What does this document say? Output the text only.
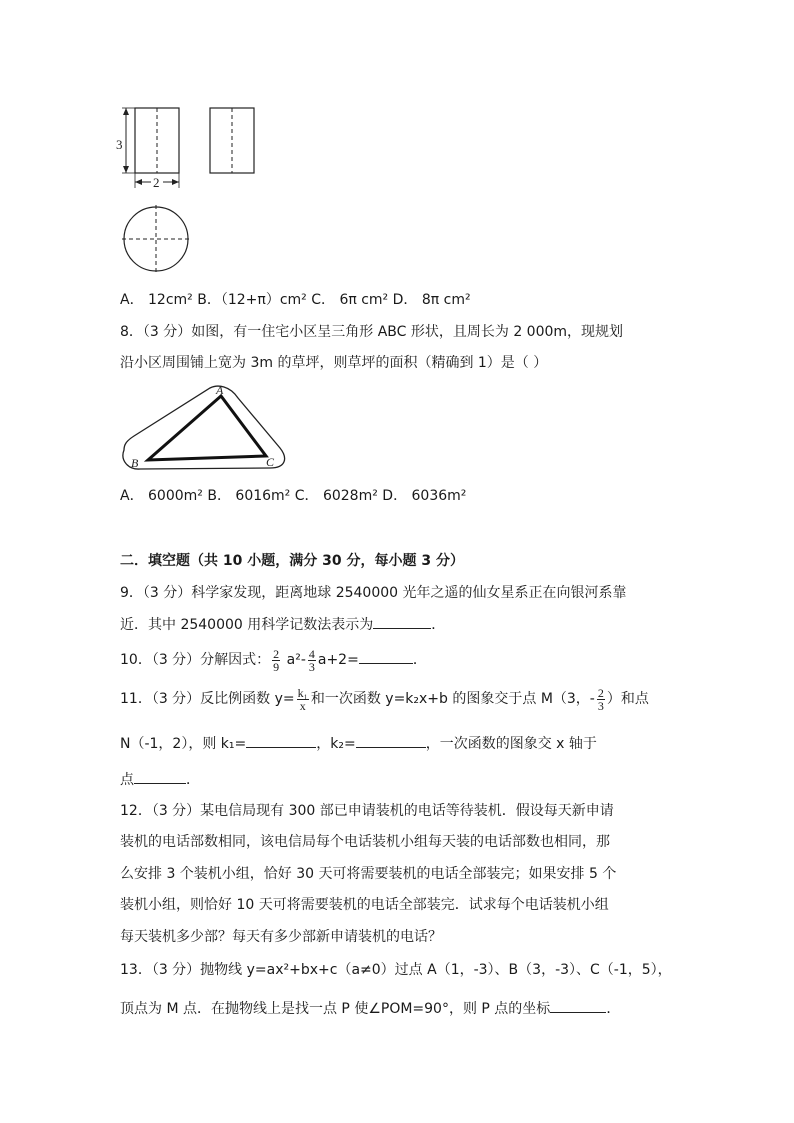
3
2
A． 12cm² B．（12+π）cm² C． 6π cm² D． 8π cm²
8．（3 分）如图，有一住宅小区呈三角形 ABC 形状，且周长为 2 000m，现规划
沿小区周围铺上宽为 3m 的草坪，则草坪的面积（精确到 1）是（ ）
A
B	C
A． 6000m² B． 6016m² C． 6028m² D． 6036m²
二．填空题（共 10 小题，满分 30 分，每小题 3 分）
9．（3 分）科学家发现，距离地球 2540000 光年之遥的仙女星系正在向银河系靠
近．其中 2540000 用科学记数法表示为	．
10．（3 分）分解因式： $\frac{2}{9} a^2- \frac{4}{3} a+2=$	．
11．（3 分）反比例函数 $y= \frac{\text{k₁}}{x}$ 和一次函数 y=k₂x+b 的图象交于点 M（3，- $\frac{2}{3}$ ）和点
N（-1，2），则 k₁=	，k₂=	，一次函数的图象交 x 轴于
点	．
12．（3 分）某电信局现有 300 部已申请装机的电话等待装机．假设每天新申请
装机的电话部数相同，该电信局每个电话装机小组每天装的电话部数也相同，那
么安排 3 个装机小组，恰好 30 天可将需要装机的电话全部装完；如果安排 5 个
装机小组，则恰好 10 天可将需要装机的电话全部装完．试求每个电话装机小组
每天装机多少部？每天有多少部新申请装机的电话？
13．（3 分）抛物线 y=ax²+bx+c（a≠0）过点 A（1，-3）、B（3，-3）、C（-1，5），
顶点为 M 点．在抛物线上是找一点 P 使∠POM=90°，则 P 点的坐标	．
